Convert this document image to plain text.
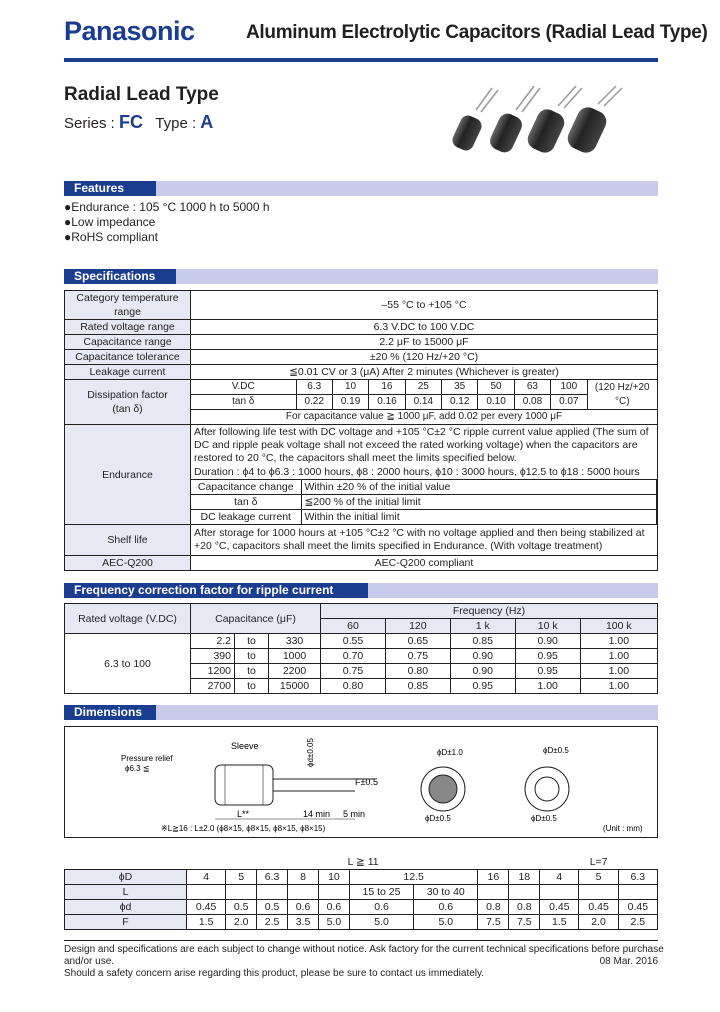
Panasonic	Aluminum Electrolytic Capacitors (Radial Lead Type)
Radial Lead Type
Series : FC Type : A
Features
●Endurance : 105 °C 1000 h to 5000 h
●Low impedance
●RoHS compliant
Specifications
Category temperature range	–55 °C to +105 °C
Rated voltage range	6.3 V.DC to 100 V.DC
Capacitance range	2.2 μF to 15000 μF
Capacitance tolerance	±20 % (120 Hz/+20 °C)
Leakage current	≦0.01 CV or 3 (μA) After 2 minutes (Whichever is greater)

Dissipation factor
(tan δ)

V.DC	6.3	10	16	25	35	50	63	100	(120 Hz/+20 °C)
tan δ	0.22	0.19	0.16	0.14	0.12	0.10	0.08	0.07
For capacitance value ≧ 1000 μF, add 0.02 per every 1000 μF

Endurance	
After following life test with DC voltage and +105 °C±2 °C ripple current value applied (The sum of DC and ripple peak voltage shall not exceed the rated working voltage) when the capacitors are restored to 20 °C, the capacitors shall meet the limits specified below.
Duration : ϕ4 to ϕ6.3 : 1000 hours, ϕ8 : 2000 hours, ϕ10 : 3000 hours, ϕ12.5 to ϕ18 : 5000 hours
Capacitance change	Within ±20 % of the initial value
tan δ	≦200 % of the initial limit
DC leakage current	Within the initial limit

Shelf life	After storage for 1000 hours at +105 °C±2 °C with no voltage applied and then being stabilized at +20 °C, capacitors shall meet the limits specified in Endurance. (With voltage treatment)
AEC-Q200	AEC-Q200 compliant
Frequency correction factor for ripple current
Rated voltage (V.DC)	Capacitance (μF)			Frequency (Hz)				
				60	120	1 k	10 k	100 k
6.3 to 100	2.2	to	330	0.55	0.65	0.85	0.90	1.00
	390	to	1000	0.70	0.75	0.90	0.95	1.00
	1200	to	2200	0.75	0.80	0.90	0.95	1.00
	2700	to	15000	0.80	0.85	0.95	1.00	1.00
Dimensions
Sleeve
Pressure relief
ϕ6.3 ≦
ϕd±0.05
L**	14 min 5 min
F±0.5
※L≧16 : L±2.0 (ϕ8×15, ϕ8×15, ϕ8×15, ϕ8×15)
ϕD±1.0
ϕD±0.5
ϕD±0.5
ϕD±0.5
(Unit : mm)
	L ≧ 11									L=7		
ϕD	4	5	6.3	8	10	12.5		16	18	4	5	6.3
L						15 to 25	30 to 40					
ϕd	0.45	0.5	0.5	0.6	0.6	0.6	0.6	0.8	0.8	0.45	0.45	0.45
F	1.5	2.0	2.5	3.5	5.0	5.0	5.0	7.5	7.5	1.5	2.0	2.5
Design and specifications are each subject to change without notice. Ask factory for the current technical specifications before purchase and/or use.
Should a safety concern arise regarding this product, please be sure to contact us immediately.
08 Mar. 2016
